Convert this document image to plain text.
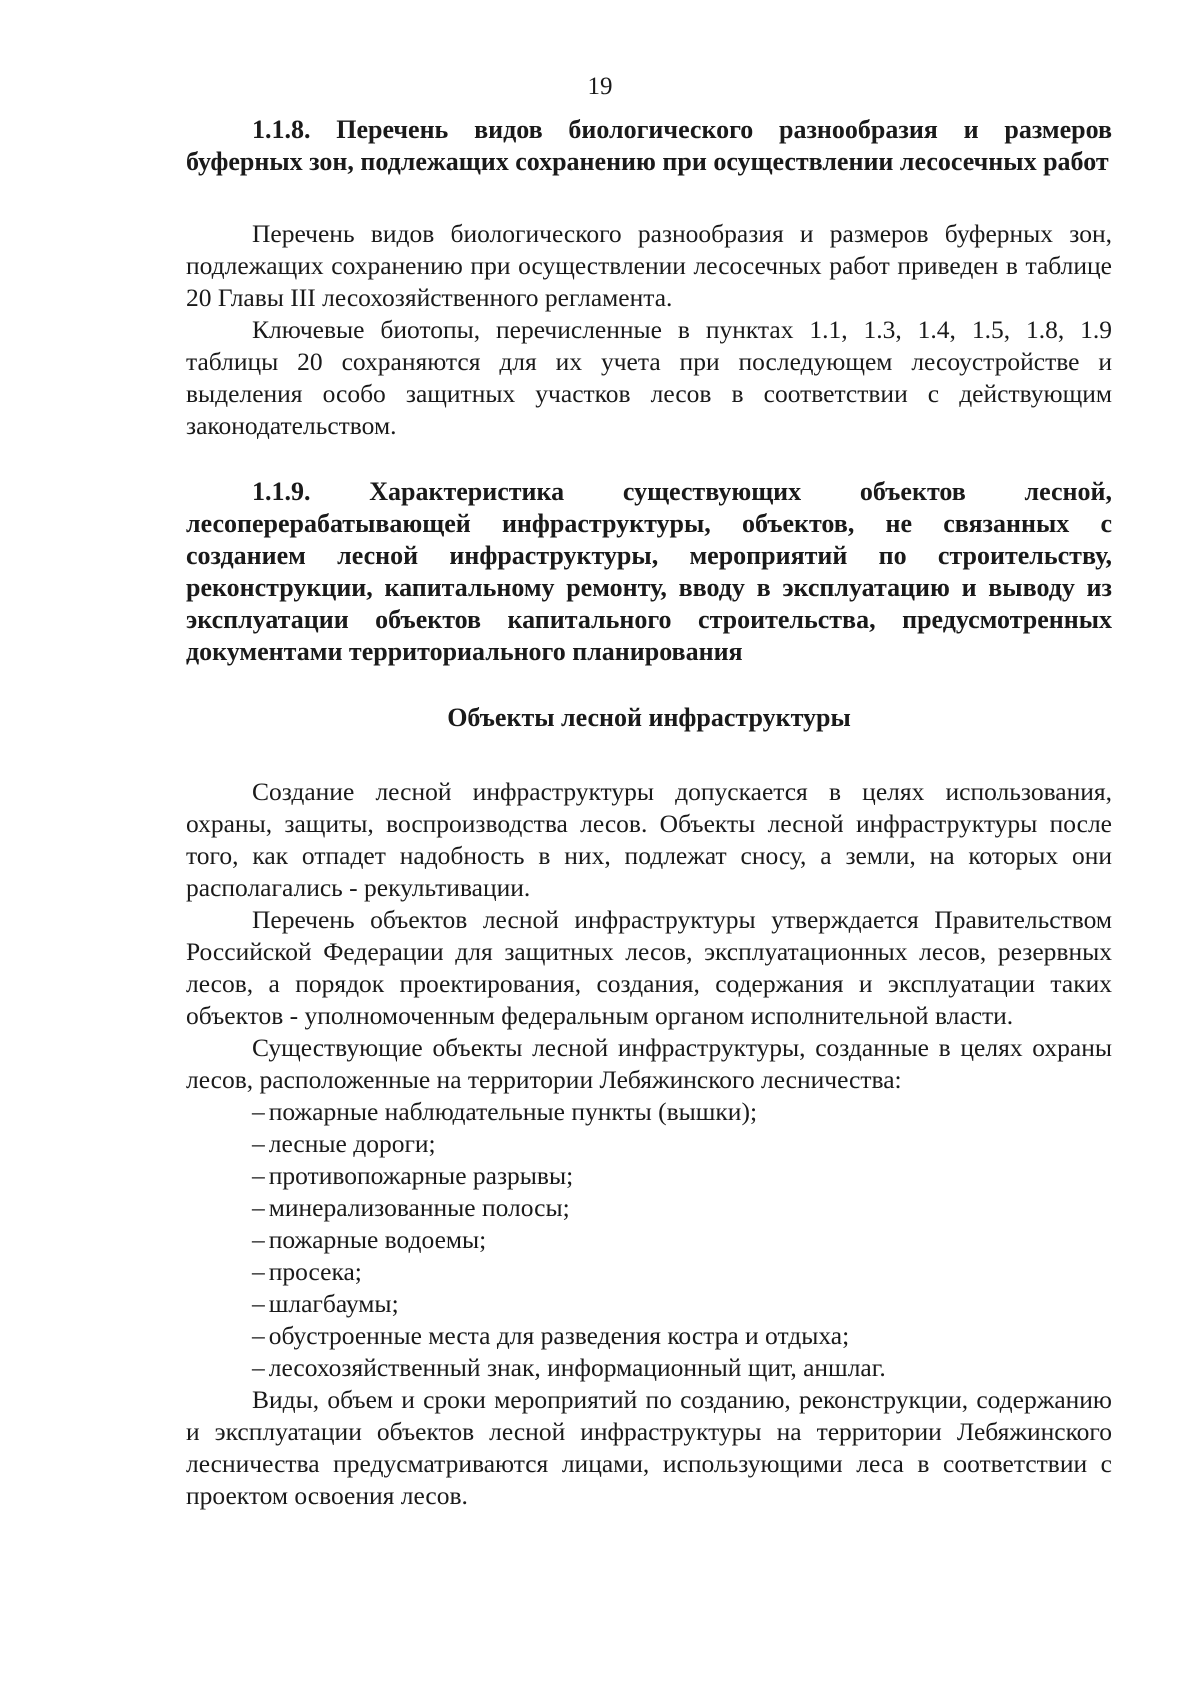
19
1.1.8. Перечень видов биологического разнообразия и размеров буферных зон, подлежащих сохранению при осуществлении лесосечных работ

Перечень видов биологического разнообразия и размеров буферных зон, подлежащих сохранению при осуществлении лесосечных работ приведен в таблице 20 Главы III лесохозяйственного регламента.

Ключевые биотопы, перечисленные в пунктах 1.1, 1.3, 1.4, 1.5, 1.8, 1.9 таблицы 20 сохраняются для их учета при последующем лесоустройстве и выделения особо защитных участков лесов в соответствии с действующим законодательством.

1.1.9. Характеристика существующих объектов лесной, лесоперерабатывающей инфраструктуры, объектов, не связанных с созданием лесной инфраструктуры, мероприятий по строительству, реконструкции, капитальному ремонту, вводу в эксплуатацию и выводу из эксплуатации объектов капитального строительства, предусмотренных документами территориального планирования
Объекты лесной инфраструктуры

Создание лесной инфраструктуры допускается в целях использования, охраны, защиты, воспроизводства лесов. Объекты лесной инфраструктуры после того, как отпадет надобность в них, подлежат сносу, а земли, на которых они располагались - рекультивации.

Перечень объектов лесной инфраструктуры утверждается Правительством Российской Федерации для защитных лесов, эксплуатационных лесов, резервных лесов, а порядок проектирования, создания, содержания и эксплуатации таких объектов - уполномоченным федеральным органом исполнительной власти.

Существующие объекты лесной инфраструктуры, созданные в целях охраны лесов, расположенные на территории Лебяжинского лесничества:

– пожарные наблюдательные пункты (вышки);
– лесные дороги;
– противопожарные разрывы;
– минерализованные полосы;
– пожарные водоемы;
– просека;
– шлагбаумы;
– обустроенные места для разведения костра и отдыха;
– лесохозяйственный знак, информационный щит, аншлаг.

Виды, объем и сроки мероприятий по созданию, реконструкции, содержанию и эксплуатации объектов лесной инфраструктуры на территории Лебяжинского лесничества предусматриваются лицами, использующими леса в соответствии с проектом освоения лесов.
